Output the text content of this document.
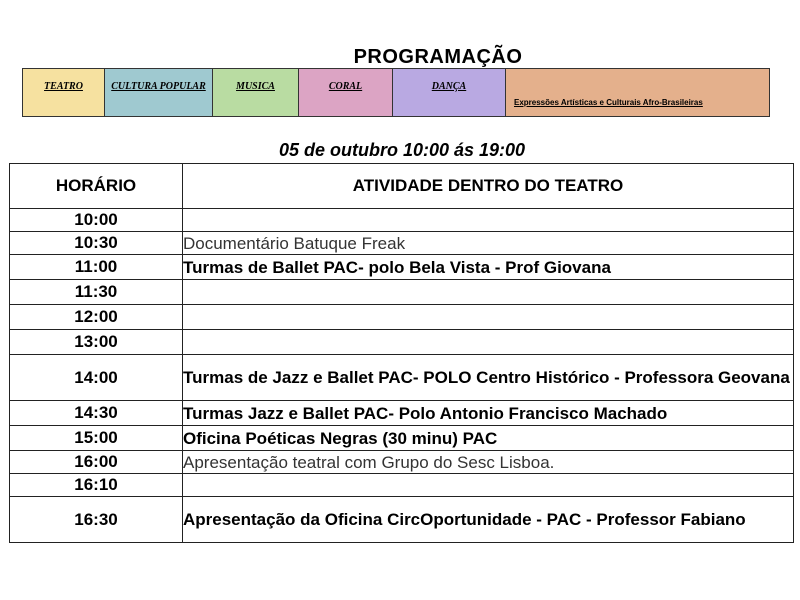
PROGRAMAÇÃO
TEATRO	CULTURA POPULAR	MUSICA	CORAL	DANÇA
Expressões Artísticas e Culturais Afro-Brasileiras
05 de outubro 10:00 ás 19:00
HORÁRIO	ATIVIDADE DENTRO DO TEATRO
10:00	
10:30	Documentário Batuque Freak
11:00	Turmas de Ballet PAC- polo Bela Vista - Prof Giovana
11:30	
12:00	
13:00	
14:00	Turmas de Jazz e Ballet PAC- POLO Centro Histórico - Professora Geovana
14:30	Turmas Jazz e Ballet PAC- Polo Antonio Francisco Machado
15:00	Oficina Poéticas Negras (30 minu) PAC
16:00	Apresentação teatral com Grupo do Sesc Lisboa.
16:10	
16:30	Apresentação da Oficina CircOportunidade - PAC - Professor Fabiano
